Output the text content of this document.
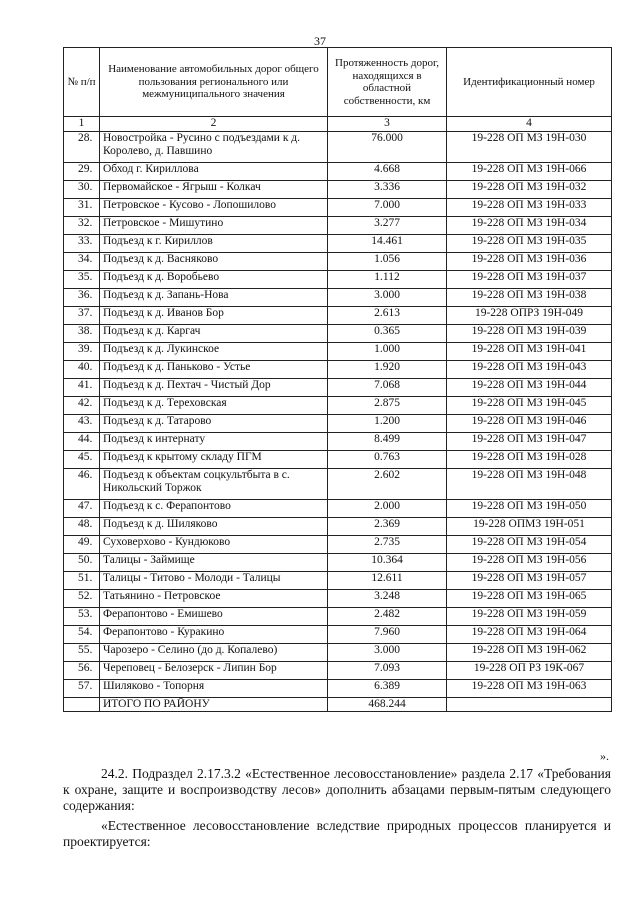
37
№ п/п	Наименование автомобильных дорог общего пользования регионального или межмуниципального значения	Протяженность дорог, находящихся в областной собственности, км	Идентификационный номер
1	2	3	4
28.	Новостройка - Русино с подъездами к д. Королево, д. Павшино	76.000	19-228 ОП МЗ 19Н-030
29.	Обход г. Кириллова	4.668	19-228 ОП МЗ 19Н-066
30.	Первомайское - Ягрыш - Колкач	3.336	19-228 ОП МЗ 19Н-032
31.	Петровское - Кусово - Лопошилово	7.000	19-228 ОП МЗ 19Н-033
32.	Петровское - Мишутино	3.277	19-228 ОП МЗ 19Н-034
33.	Подъезд к г. Кириллов	14.461	19-228 ОП МЗ 19Н-035
34.	Подъезд к д. Васняково	1.056	19-228 ОП МЗ 19Н-036
35.	Подъезд к д. Воробьево	1.112	19-228 ОП МЗ 19Н-037
36.	Подъезд к д. Запань-Нова	3.000	19-228 ОП МЗ 19Н-038
37.	Подъезд к д. Иванов Бор	2.613	19-228 ОПРЗ 19Н-049
38.	Подъезд к д. Каргач	0.365	19-228 ОП МЗ 19Н-039
39.	Подъезд к д. Лукинское	1.000	19-228 ОП МЗ 19Н-041
40.	Подъезд к д. Паньково - Устье	1.920	19-228 ОП МЗ 19Н-043
41.	Подъезд к д. Пехтач - Чистый Дор	7.068	19-228 ОП МЗ 19Н-044
42.	Подъезд к д. Тереховская	2.875	19-228 ОП МЗ 19Н-045
43.	Подъезд к д. Татарово	1.200	19-228 ОП МЗ 19Н-046
44.	Подъезд к интернату	8.499	19-228 ОП МЗ 19Н-047
45.	Подъезд к крытому складу ПГМ	0.763	19-228 ОП МЗ 19Н-028
46.	Подъезд к объектам соцкультбыта в с. Никольский Торжок	2.602	19-228 ОП МЗ 19Н-048
47.	Подъезд к с. Ферапонтово	2.000	19-228 ОП МЗ 19Н-050
48.	Подъезд к д. Шиляково	2.369	19-228 ОПМЗ 19Н-051
49.	Суховерхово - Кундюково	2.735	19-228 ОП МЗ 19Н-054
50.	Талицы - Займище	10.364	19-228 ОП МЗ 19Н-056
51.	Талицы - Титово - Молоди - Талицы	12.611	19-228 ОП МЗ 19Н-057
52.	Татьянино - Петровское	3.248	19-228 ОП МЗ 19Н-065
53.	Ферапонтово - Емишево	2.482	19-228 ОП МЗ 19Н-059
54.	Ферапонтово - Куракино	7.960	19-228 ОП МЗ 19Н-064
55.	Чарозеро - Селино (до д. Копалево)	3.000	19-228 ОП МЗ 19Н-062
56.	Череповец - Белозерск - Липин Бор	7.093	19-228 ОП РЗ 19К-067
57.	Шиляково - Топорня	6.389	19-228 ОП МЗ 19Н-063
	ИТОГО ПО РАЙОНУ	468.244	
».
24.2. Подраздел 2.17.3.2 «Естественное лесовосстановление» раздела 2.17 «Требования к охране, защите и воспроизводству лесов» дополнить абзацами первым-пятым следующего содержания:
«Естественное лесовосстановление вследствие природных процессов планируется и проектируется:
